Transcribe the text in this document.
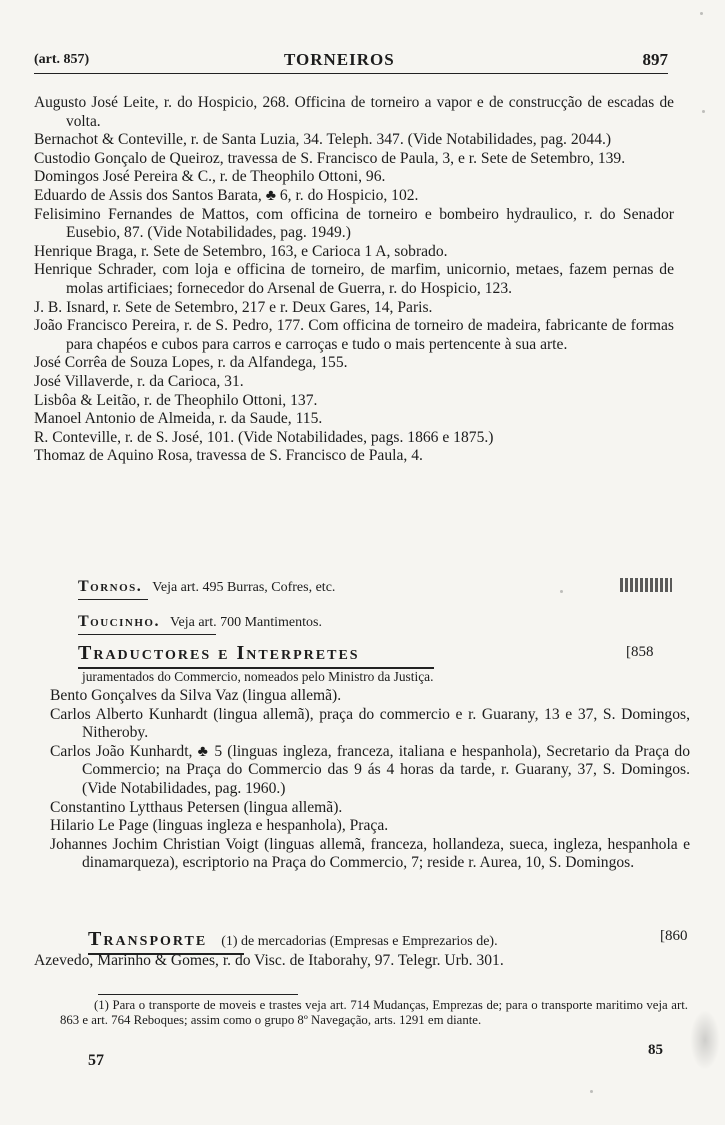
(art. 857)	TORNEIROS	897

Augusto José Leite, r. do Hospicio, 268. Officina de torneiro a vapor e de construcção de escadas de volta.

Bernachot & Conteville, r. de Santa Luzia, 34. Teleph. 347. (Vide Notabilidades, pag. 2044.)

Custodio Gonçalo de Queiroz, travessa de S. Francisco de Paula, 3, e r. Sete de Setembro, 139.

Domingos José Pereira & C., r. de Theophilo Ottoni, 96.

Eduardo de Assis dos Santos Barata, ♣ 6, r. do Hospicio, 102.

Felisimino Fernandes de Mattos, com officina de torneiro e bombeiro hydraulico, r. do Senador Eusebio, 87. (Vide Notabilidades, pag. 1949.)

Henrique Braga, r. Sete de Setembro, 163, e Carioca 1 A, sobrado.

Henrique Schrader, com loja e officina de torneiro, de marfim, unicornio, metaes, fazem pernas de molas artificiaes; fornecedor do Arsenal de Guerra, r. do Hospicio, 123.

J. B. Isnard, r. Sete de Setembro, 217 e r. Deux Gares, 14, Paris.

João Francisco Pereira, r. de S. Pedro, 177. Com officina de torneiro de madeira, fabricante de formas para chapéos e cubos para carros e carroças e tudo o mais pertencente à sua arte.

José Corrêa de Souza Lopes, r. da Alfandega, 155.

José Villaverde, r. da Carioca, 31.

Lisbôa & Leitão, r. de Theophilo Ottoni, 137.

Manoel Antonio de Almeida, r. da Saude, 115.

R. Conteville, r. de S. José, 101. (Vide Notabilidades, pags. 1866 e 1875.)

Thomaz de Aquino Rosa, travessa de S. Francisco de Paula, 4.

Tornos. Veja art. 495 Burras, Cofres, etc.
Toucinho. Veja art. 700 Mantimentos.
Traductores e Interpretes	[858

juramentados do Commercio, nomeados pelo Ministro da Justiça.

Bento Gonçalves da Silva Vaz (lingua allemã).

Carlos Alberto Kunhardt (lingua allemã), praça do commercio e r. Guarany, 13 e 37, S. Domingos, Nitheroby.

Carlos João Kunhardt, ♣ 5 (linguas ingleza, franceza, italiana e hespanhola), Secretario da Praça do Commercio; na Praça do Commercio das 9 ás 4 horas da tarde, r. Guarany, 37, S. Domingos. (Vide Notabilidades, pag. 1960.)

Constantino Lytthaus Petersen (lingua allemã).

Hilario Le Page (linguas ingleza e hespanhola), Praça.

Johannes Jochim Christian Voigt (linguas allemã, franceza, hollandeza, sueca, ingleza, hespanhola e dinamarqueza), escriptorio na Praça do Commercio, 7; reside r. Aurea, 10, S. Domingos.

Transporte (1) de mercadorias (Empresas e Emprezarios de).	[860
Azevedo, Marinho & Gomes, r. do Visc. de Itaborahy, 97. Telegr. Urb. 301.
(1) Para o transporte de moveis e trastes veja art. 714 Mudanças, Emprezas de; para o transporte maritimo veja art. 863 e art. 764 Reboques; assim como o grupo 8º Navegação, arts. 1291 em diante.
57
85
